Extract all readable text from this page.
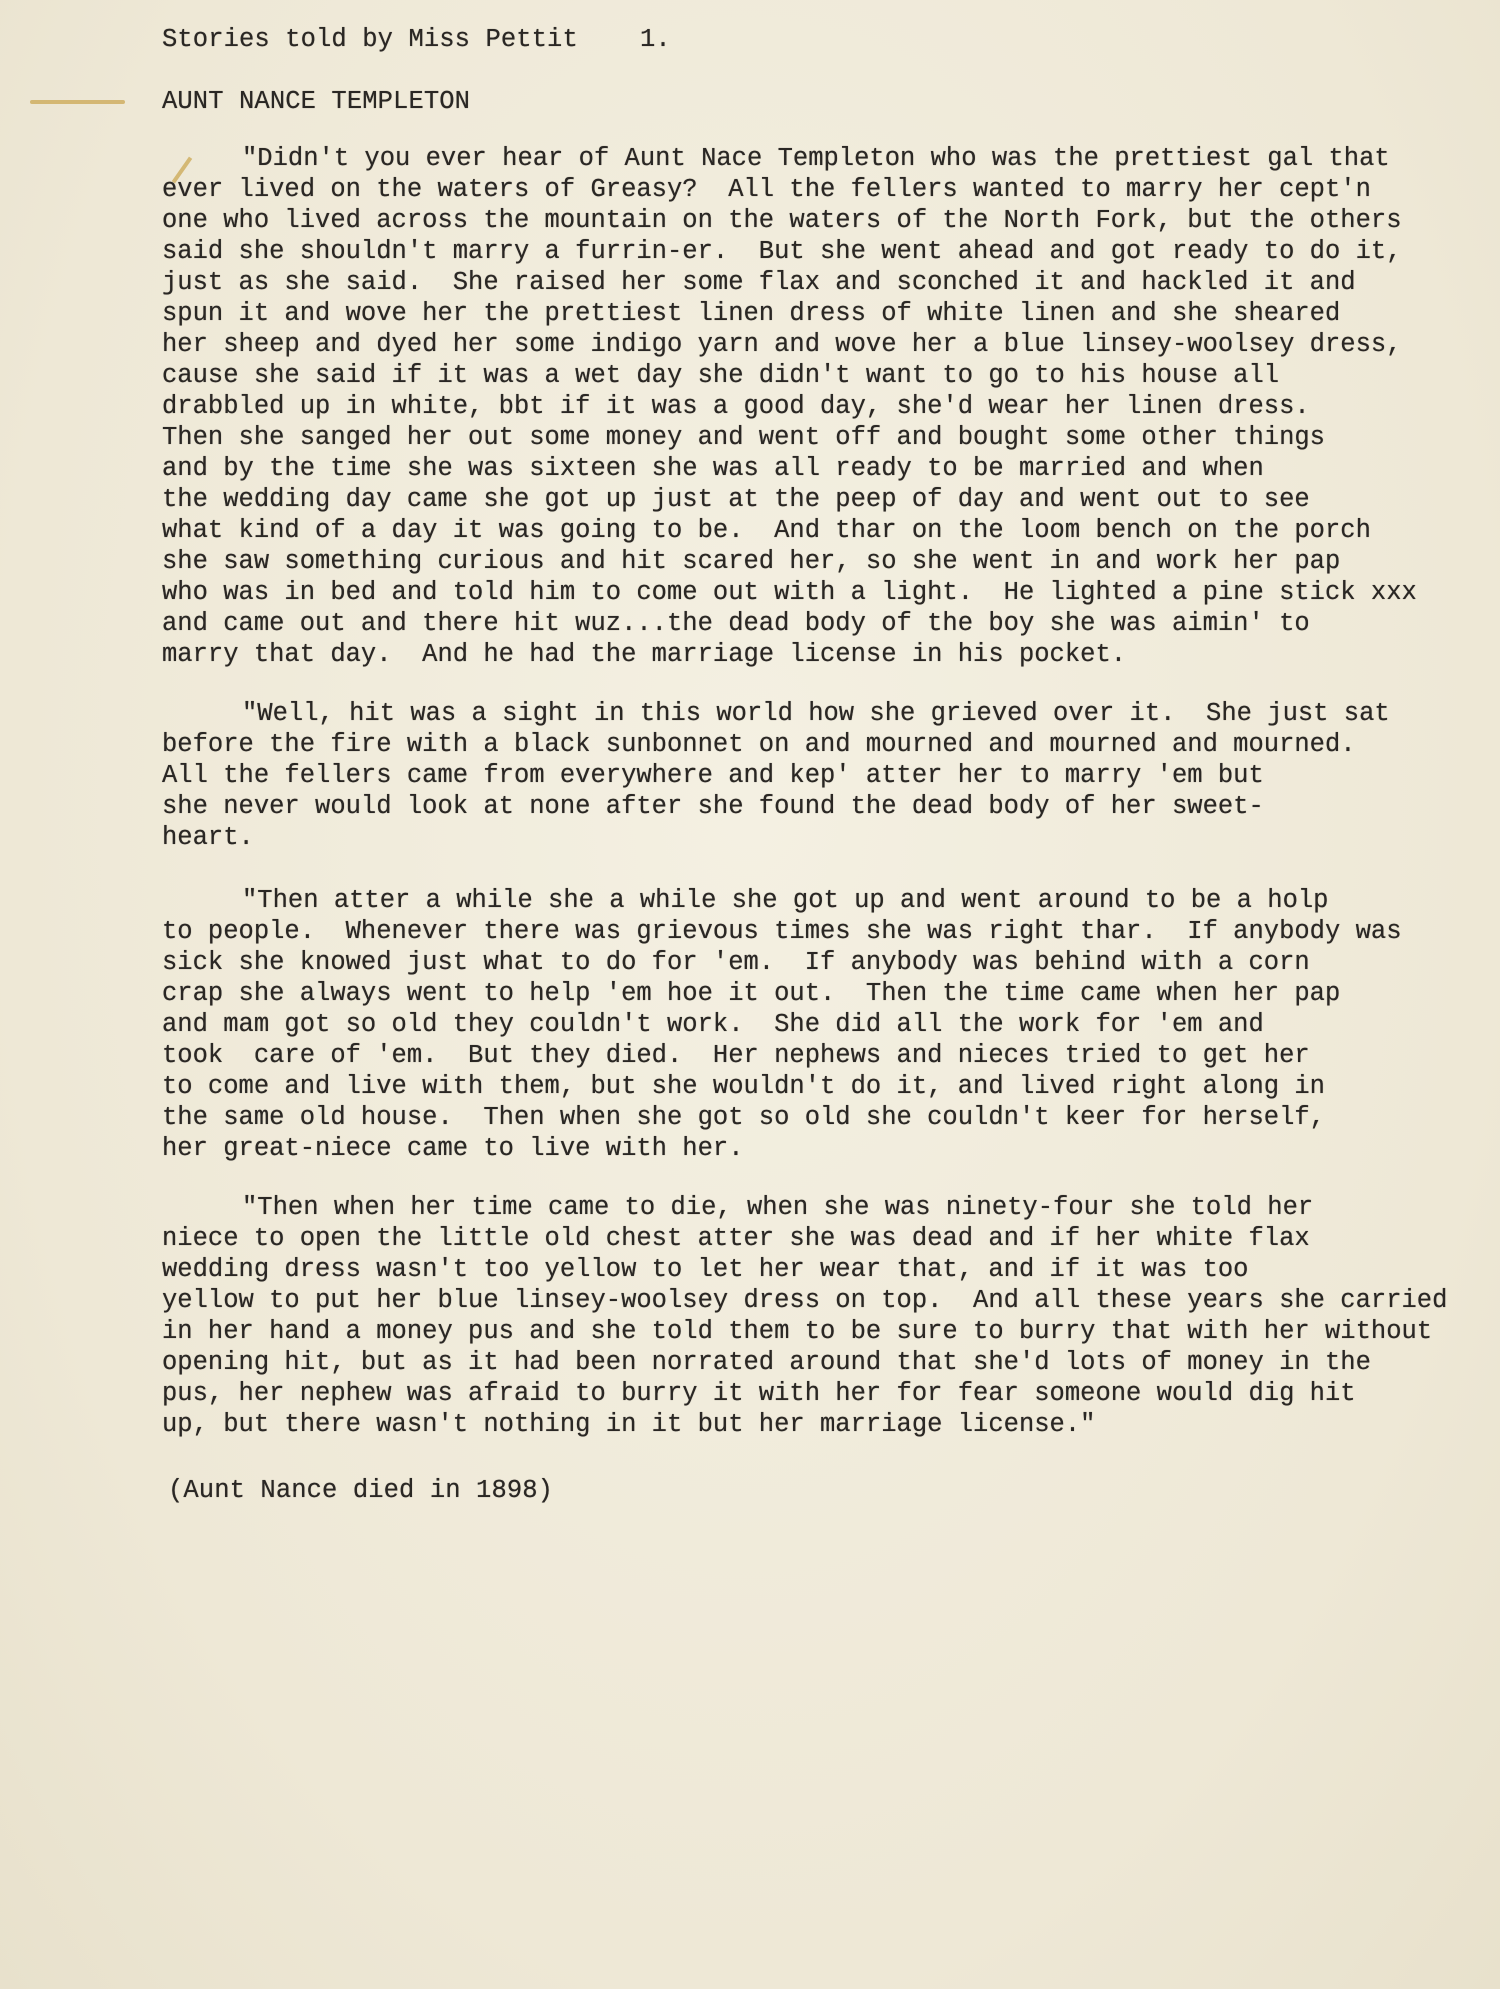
Stories told by Miss Pettit 1.
AUNT NANCE TEMPLETON
"Didn't you ever hear of Aunt Nace Templeton who was the prettiest gal that
ever lived on the waters of Greasy?  All the fellers wanted to marry her cept'n
one who lived across the mountain on the waters of the North Fork, but the others
said she shouldn't marry a furrin-er.  But she went ahead and got ready to do it,
just as she said.  She raised her some flax and sconched it and hackled it and
spun it and wove her the prettiest linen dress of white linen and she sheared
her sheep and dyed her some indigo yarn and wove her a blue linsey-woolsey dress,
cause she said if it was a wet day she didn't want to go to his house all
drabbled up in white, bbt if it was a good day, she'd wear her linen dress.
Then she sanged her out some money and went off and bought some other things
and by the time she was sixteen she was all ready to be married and when
the wedding day came she got up just at the peep of day and went out to see
what kind of a day it was going to be.  And thar on the loom bench on the porch
she saw something curious and hit scared her, so she went in and work her pap
who was in bed and told him to come out with a light.  He lighted a pine stick xxx
and came out and there hit wuz...the dead body of the boy she was aimin' to
marry that day.  And he had the marriage license in his pocket.
"Well, hit was a sight in this world how she grieved over it.  She just sat
before the fire with a black sunbonnet on and mourned and mourned and mourned.
All the fellers came from everywhere and kep' atter her to marry 'em but
she never would look at none after she found the dead body of her sweet-
heart.
"Then atter a while she a while she got up and went around to be a holp
to people.  Whenever there was grievous times she was right thar.  If anybody was
sick she knowed just what to do for 'em.  If anybody was behind with a corn
crap she always went to help 'em hoe it out.  Then the time came when her pap
and mam got so old they couldn't work.  She did all the work for 'em and
took  care of 'em.  But they died.  Her nephews and nieces tried to get her
to come and live with them, but she wouldn't do it, and lived right along in
the same old house.  Then when she got so old she couldn't keer for herself,
her great-niece came to live with her.
"Then when her time came to die, when she was ninety-four she told her
niece to open the little old chest atter she was dead and if her white flax
wedding dress wasn't too yellow to let her wear that, and if it was too
yellow to put her blue linsey-woolsey dress on top.  And all these years she carried
in her hand a money pus and she told them to be sure to burry that with her without
opening hit, but as it had been norrated around that she'd lots of money in the
pus, her nephew was afraid to burry it with her for fear someone would dig hit
up, but there wasn't nothing in it but her marriage license."
(Aunt Nance died in 1898)
